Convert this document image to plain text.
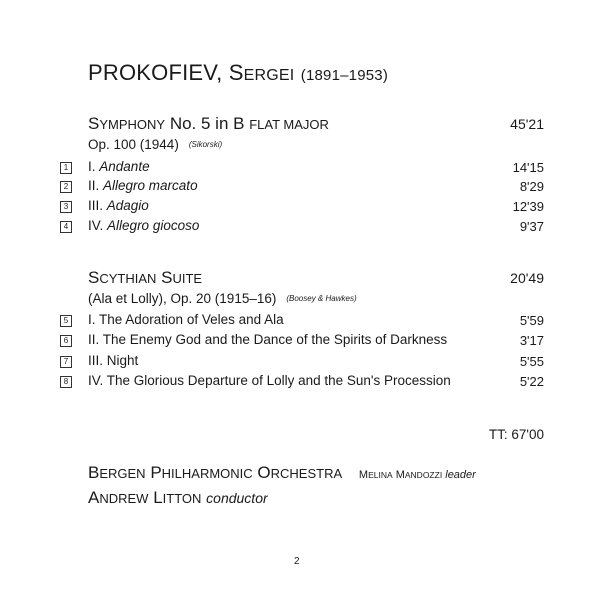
PROKOFIEV, SERGEI (1891–1953)
SYMPHONY No. 5 in B FLAT MAJOR	45'21
Op. 100 (1944) (Sikorski)
1 I. Andante	14'15
2 II. Allegro marcato	8'29
3 III. Adagio	12'39
4 IV. Allegro giocoso	9'37
SCYTHIAN SUITE	20'49
(Ala et Lolly), Op. 20 (1915–16) (Boosey & Hawkes)
5 I. The Adoration of Veles and Ala	5'59
6 II. The Enemy God and the Dance of the Spirits of Darkness	3'17
7 III. Night	5'55
8 IV. The Glorious Departure of Lolly and the Sun's Procession	5'22
TT: 67'00
BERGEN PHILHARMONIC ORCHESTRA MELINA MANDOZZI leader
ANDREW LITTON conductor
2
